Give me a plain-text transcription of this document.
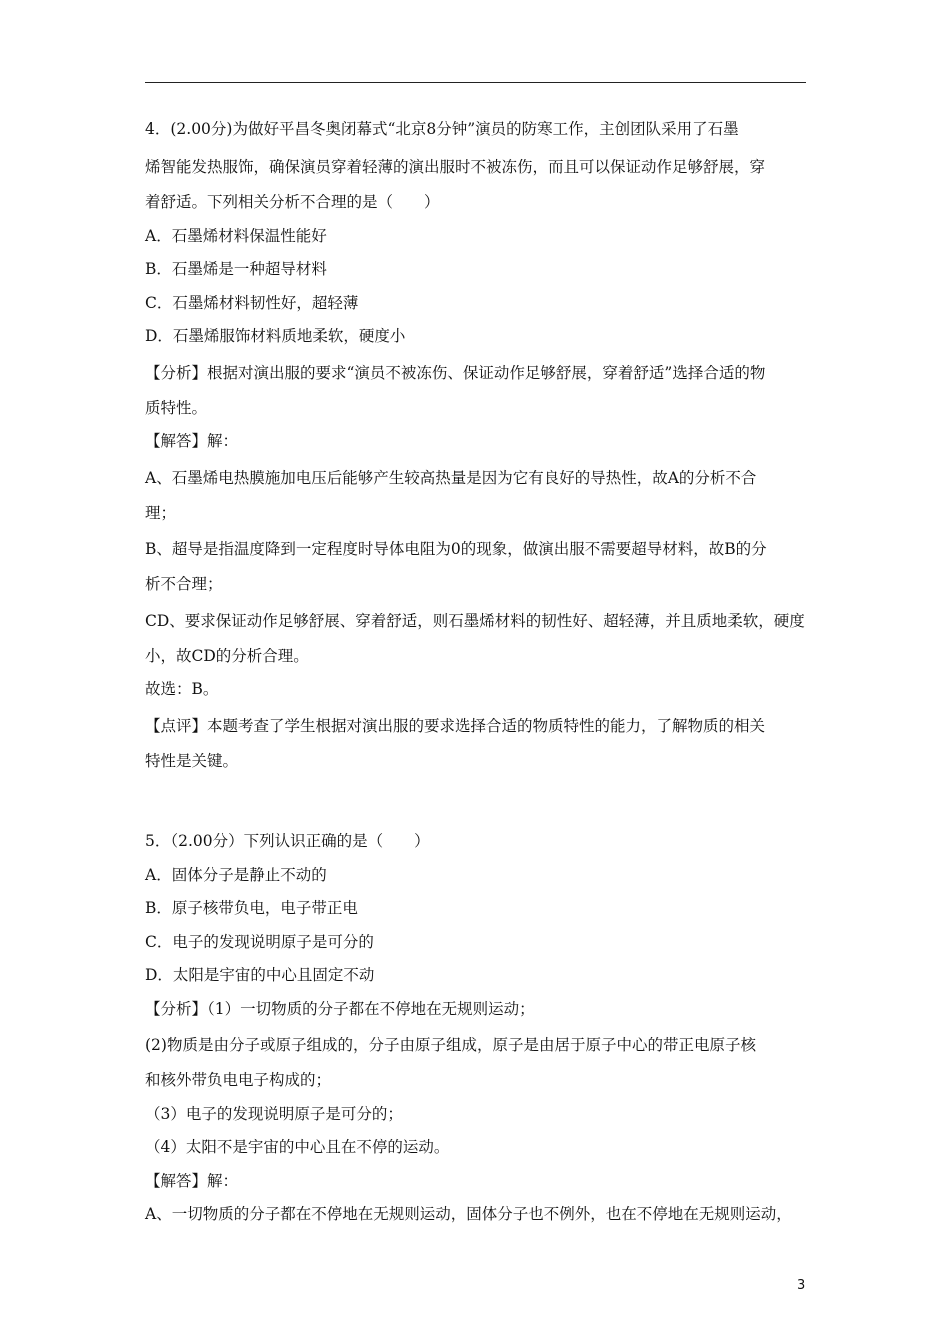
4．(2.00分)为做好平昌冬奥闭幕式“北京8分钟”演员的防寒工作，主创团队采用了石墨
烯智能发热服饰，确保演员穿着轻薄的演出服时不被冻伤，而且可以保证动作足够舒展，穿
着舒适。下列相关分析不合理的是（　　）
A．石墨烯材料保温性能好
B．石墨烯是一种超导材料
C．石墨烯材料韧性好，超轻薄
D．石墨烯服饰材料质地柔软，硬度小
【分析】根据对演出服的要求“演员不被冻伤、保证动作足够舒展，穿着舒适”选择合适的物
质特性。
【解答】解：
A、石墨烯电热膜施加电压后能够产生较高热量是因为它有良好的导热性，故A的分析不合
理；
B、超导是指温度降到一定程度时导体电阻为0的现象，做演出服不需要超导材料，故B的分
析不合理；
CD、要求保证动作足够舒展、穿着舒适，则石墨烯材料的韧性好、超轻薄，并且质地柔软，硬度
小，故CD的分析合理。
故选：B。
【点评】本题考查了学生根据对演出服的要求选择合适的物质特性的能力，了解物质的相关
特性是关键。
5．（2.00分）下列认识正确的是（　　）
A．固体分子是静止不动的
B．原子核带负电，电子带正电
C．电子的发现说明原子是可分的
D．太阳是宇宙的中心且固定不动
【分析】（1）一切物质的分子都在不停地在无规则运动；
(2)物质是由分子或原子组成的，分子由原子组成，原子是由居于原子中心的带正电原子核
和核外带负电电子构成的；
（3）电子的发现说明原子是可分的；
（4）太阳不是宇宙的中心且在不停的运动。
【解答】解：
A、一切物质的分子都在不停地在无规则运动，固体分子也不例外，也在不停地在无规则运动，
3
